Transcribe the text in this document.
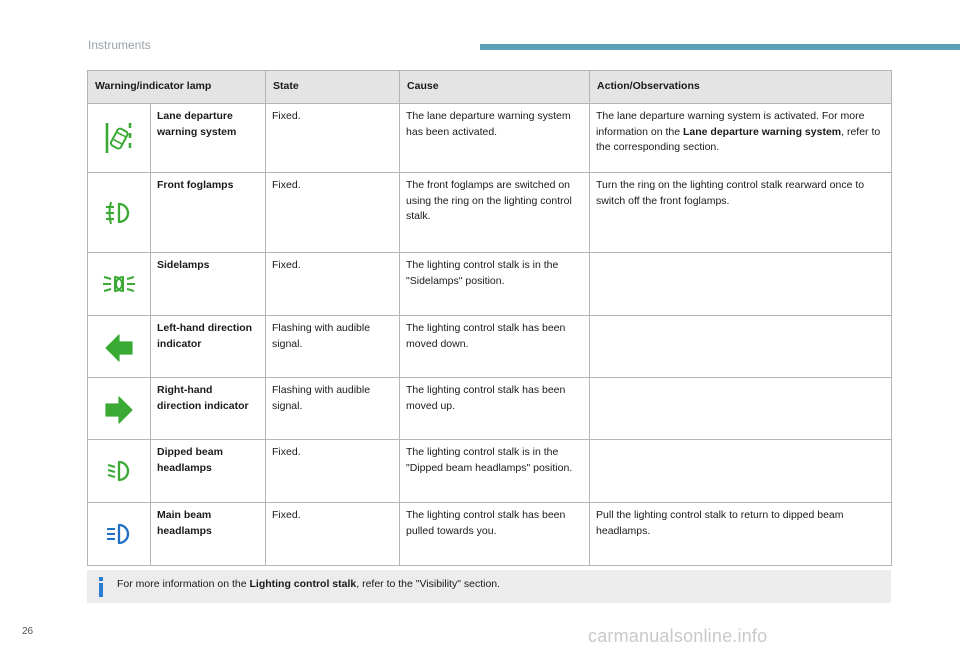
Instruments
Warning/indicator lamp		State	Cause	Action/Observations
	Lane departure warning system	Fixed.	The lane departure warning system has been activated.	The lane departure warning system is activated. For more information on the Lane departure warning system, refer to the corresponding section.
	Front foglamps	Fixed.	The front foglamps are switched on using the ring on the lighting control stalk.	Turn the ring on the lighting control stalk rearward once to switch off the front foglamps.
	Sidelamps	Fixed.	The lighting control stalk is in the "Sidelamps" position.	
	Left-hand direction indicator	Flashing with audible signal.	The lighting control stalk has been moved down.	
	Right-hand direction indicator	Flashing with audible signal.	The lighting control stalk has been moved up.	
	Dipped beam headlamps	Fixed.	The lighting control stalk is in the "Dipped beam headlamps" position.	
	Main beam headlamps	Fixed.	The lighting control stalk has been pulled towards you.	Pull the lighting control stalk to return to dipped beam headlamps.
For more information on the Lighting control stalk, refer to the "Visibility" section.
26	carmanualsonline.info
